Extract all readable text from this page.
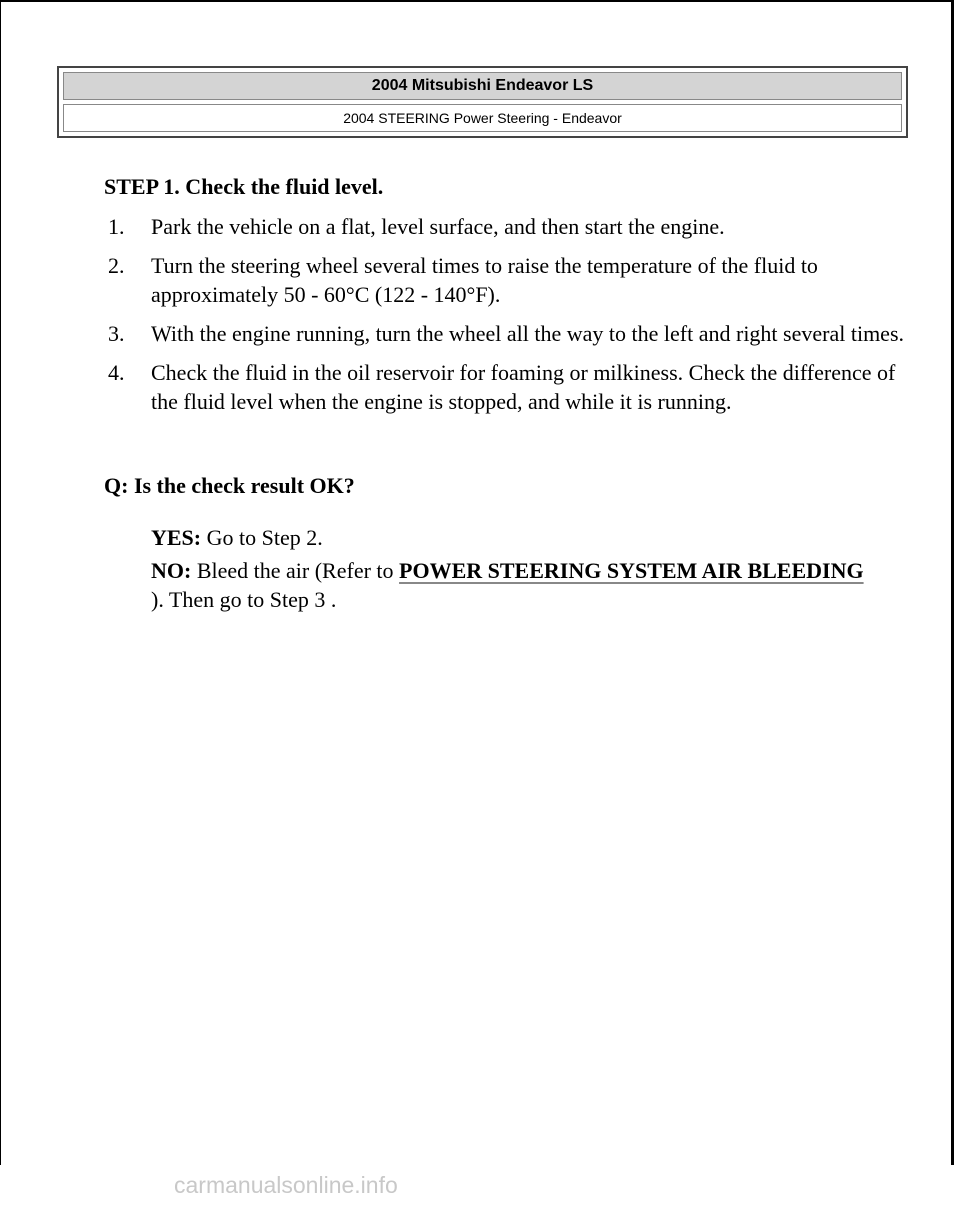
2004 Mitsubishi Endeavor LS
2004 STEERING Power Steering - Endeavor
STEP 1. Check the fluid level.
1. Park the vehicle on a flat, level surface, and then start the engine.
2. Turn the steering wheel several times to raise the temperature of the fluid to approximately 50 - 60°C (122 - 140°F).
3. With the engine running, turn the wheel all the way to the left and right several times.
4. Check the fluid in the oil reservoir for foaming or milkiness. Check the difference of the fluid level when the engine is stopped, and while it is running.

Q: Is the check result OK?

YES: Go to Step 2.

NO: Bleed the air (Refer to POWER STEERING SYSTEM AIR BLEEDING ). Then go to Step 3 .

carmanualsonline.info
